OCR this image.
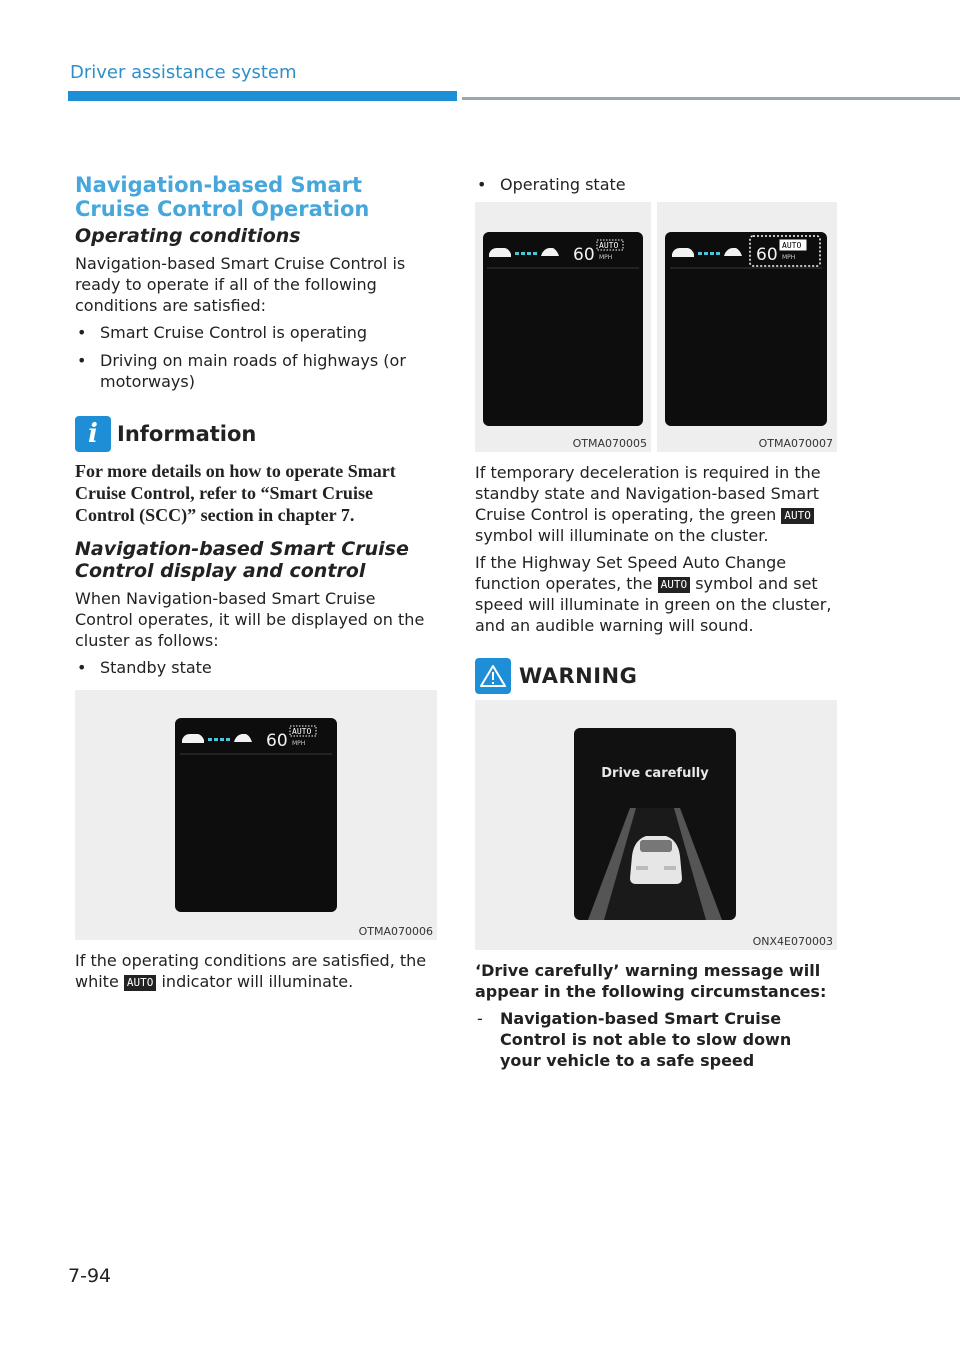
Driver assistance system
Navigation-based Smart Cruise Control Operation
Operating conditions

Navigation-based Smart Cruise Control is ready to operate if all of the following conditions are satisfied:

• Smart Cruise Control is operating
• Driving on main roads of highways (or motorways)
i Information

For more details on how to operate Smart Cruise Control, refer to “Smart Cruise Control (SCC)” section in chapter 7.

Navigation-based Smart Cruise Control display and control

When Navigation-based Smart Cruise Control operates, it will be displayed on the cluster as follows:

• Standby state
60 AUTO
MPH
OTMA070006

If the operating conditions are satisfied, the white AUTO indicator will illuminate.

• Operating state
60 AUTO
MPH
OTMA070005
60 AUTO
MPH
OTMA070007

If temporary deceleration is required in the standby state and Navigation-based Smart Cruise Control is operating, the green AUTO symbol will illuminate on the cluster.

If the Highway Set Speed Auto Change function operates, the AUTO symbol and set speed will illuminate in green on the cluster, and an audible warning will sound.

WARNING
Drive carefully
ONX4E070003

‘Drive carefully’ warning message will appear in the following circumstances:

- Navigation-based Smart Cruise Control is not able to slow down your vehicle to a safe speed
7-94
